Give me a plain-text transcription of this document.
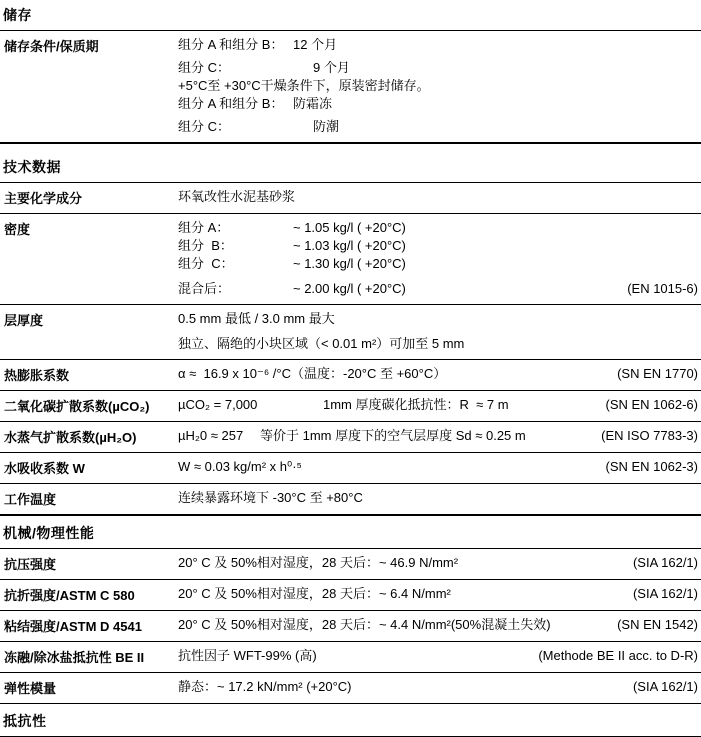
储存
储存条件/保质期	组分 A 和组分 B： 12 个月
组分 C：	9 个月
+5°C至 +30°C干燥条件下，原装密封储存。
组分 A 和组分 B： 防霜冻
组分 C：	防潮
技术数据
主要化学成分	环氧改性水泥基砂浆
密度	组分 A：	~ 1.05 kg/l ( +20°C)
组分  B：	~ 1.03 kg/l ( +20°C)
组分  C：	~ 1.30 kg/l ( +20°C)
混合后：	~ 2.00 kg/l ( +20°C)	(EN 1015-6)
层厚度	0.5 mm 最低 / 3.0 mm 最大
独立、隔绝的小块区域（< 0.01 m²）可加至 5 mm
热膨胀系数	α ≈  16.9 x 10⁻⁶ /°C（温度：-20°C 至 +60°C）	(SN EN 1770)
二氧化碳扩散系数(µCO₂)	µCO₂ = 7,000	1mm 厚度碳化抵抗性：R  ≈ 7 m	(SN EN 1062-6)
水蒸气扩散系数(µH₂O)	µH₂0 ≈ 257	等价于 1mm 厚度下的空气层厚度 Sd ≈ 0.25 m	(EN ISO 7783-3)
水吸收系数 W	W ≈ 0.03 kg/m² x h⁰·⁵	(SN EN 1062-3)
工作温度	连续暴露环境下 -30°C 至 +80°C
机械/物理性能
抗压强度	20° C 及 50%相对湿度，28 天后：~ 46.9 N/mm²	(SIA 162/1)
抗折强度/ASTM C 580	20° C 及 50%相对湿度，28 天后：~ 6.4 N/mm²	(SIA 162/1)
粘结强度/ASTM D 4541	20° C 及 50%相对湿度，28 天后：~ 4.4 N/mm²(50%混凝土失效)	(SN EN 1542)
冻融/除冰盐抵抗性 BE II	抗性因子 WFT-99% (高)	(Methode BE II acc. to D-R)
弹性模量	静态：~ 17.2 kN/mm² (+20°C)	(SIA 162/1)
抵抗性
